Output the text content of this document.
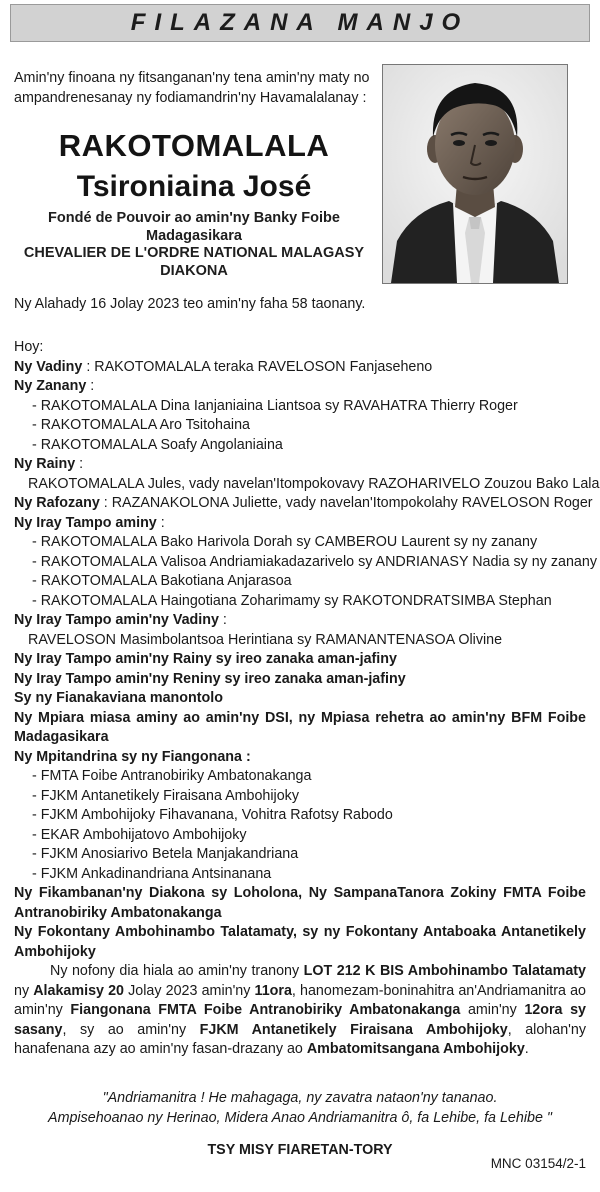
FILAZANA MANJO
Amin'ny finoana ny fitsanganan'ny tena amin'ny maty no ampandrenesanay ny fodiamandrin'ny Havamalalanay :
RAKOTOMALALA
Tsironiaina José
Fondé de Pouvoir ao amin'ny Banky Foibe
Madagasikara
CHEVALIER DE L'ORDRE NATIONAL MALAGASY
DIAKONA
Ny Alahady 16 Jolay 2023 teo amin'ny faha 58 taonany.
Hoy:
Ny Vadiny : RAKOTOMALALA teraka RAVELOSON Fanjaseheno
Ny Zanany :
- RAKOTOMALALA Dina Ianjaniaina Liantsoa sy RAVAHATRA Thierry Roger
- RAKOTOMALALA Aro Tsitohaina
- RAKOTOMALALA Soafy Angolaniaina
Ny Rainy :
RAKOTOMALALA Jules, vady navelan'Itompokovavy RAZOHARIVELO Zouzou Bako Lala
Ny Rafozany : RAZANAKOLONA Juliette, vady navelan'Itompokolahy RAVELOSON Roger
Ny Iray Tampo aminy :
- RAKOTOMALALA Bako Harivola Dorah sy CAMBEROU Laurent sy ny zanany
- RAKOTOMALALA Valisoa Andriamiakadazarivelo sy ANDRIANASY Nadia sy ny zanany
- RAKOTOMALALA Bakotiana Anjarasoa
- RAKOTOMALALA Haingotiana Zoharimamy sy RAKOTONDRATSIMBA Stephan
Ny Iray Tampo amin'ny Vadiny :
RAVELOSON Masimbolantsoa Herintiana sy RAMANANTENASOA Olivine
Ny Iray Tampo amin'ny Rainy sy ireo zanaka aman-jafiny
Ny Iray Tampo amin'ny Reniny sy ireo zanaka aman-jafiny
Sy ny Fianakaviana manontolo
Ny Mpiara miasa aminy ao amin'ny DSI, ny Mpiasa rehetra ao amin'ny BFM Foibe Madagasikara
Ny Mpitandrina sy ny Fiangonana :
- FMTA Foibe Antranobiriky Ambatonakanga
- FJKM Antanetikely Firaisana Ambohijoky
- FJKM Ambohijoky Fihavanana, Vohitra Rafotsy Rabodo
- EKAR Ambohijatovo Ambohijoky
- FJKM Anosiarivo Betela Manjakandriana
- FJKM Ankadinandriana Antsinanana
Ny Fikambanan'ny Diakona sy Loholona, Ny SampanaTanora Zokiny FMTA Foibe Antranobiriky Ambatonakanga
Ny Fokontany Ambohinambo Talatamaty, sy ny Fokontany Antaboaka Antanetikely Ambohijoky
Ny nofony dia hiala ao amin'ny tranony LOT 212 K BIS Ambohinambo Talatamaty ny Alakamisy 20 Jolay 2023 amin'ny 11ora, hanomezam-boninahitra an'Andriamanitra ao amin'ny Fiangonana FMTA Foibe Antranobiriky Ambatonakanga amin'ny 12ora sy sasany, sy ao amin'ny FJKM Antanetikely Firaisana Ambohijoky, alohan'ny hanafenana azy ao amin'ny fasan-drazany ao Ambatomitsangana Ambohijoky.
"Andriamanitra ! He mahagaga, ny zavatra nataon'ny tananao.
Ampisehoanao ny Herinao, Midera Anao Andriamanitra ô, fa Lehibe, fa Lehibe "
TSY MISY FIARETAN-TORY
MNC 03154/2-1
